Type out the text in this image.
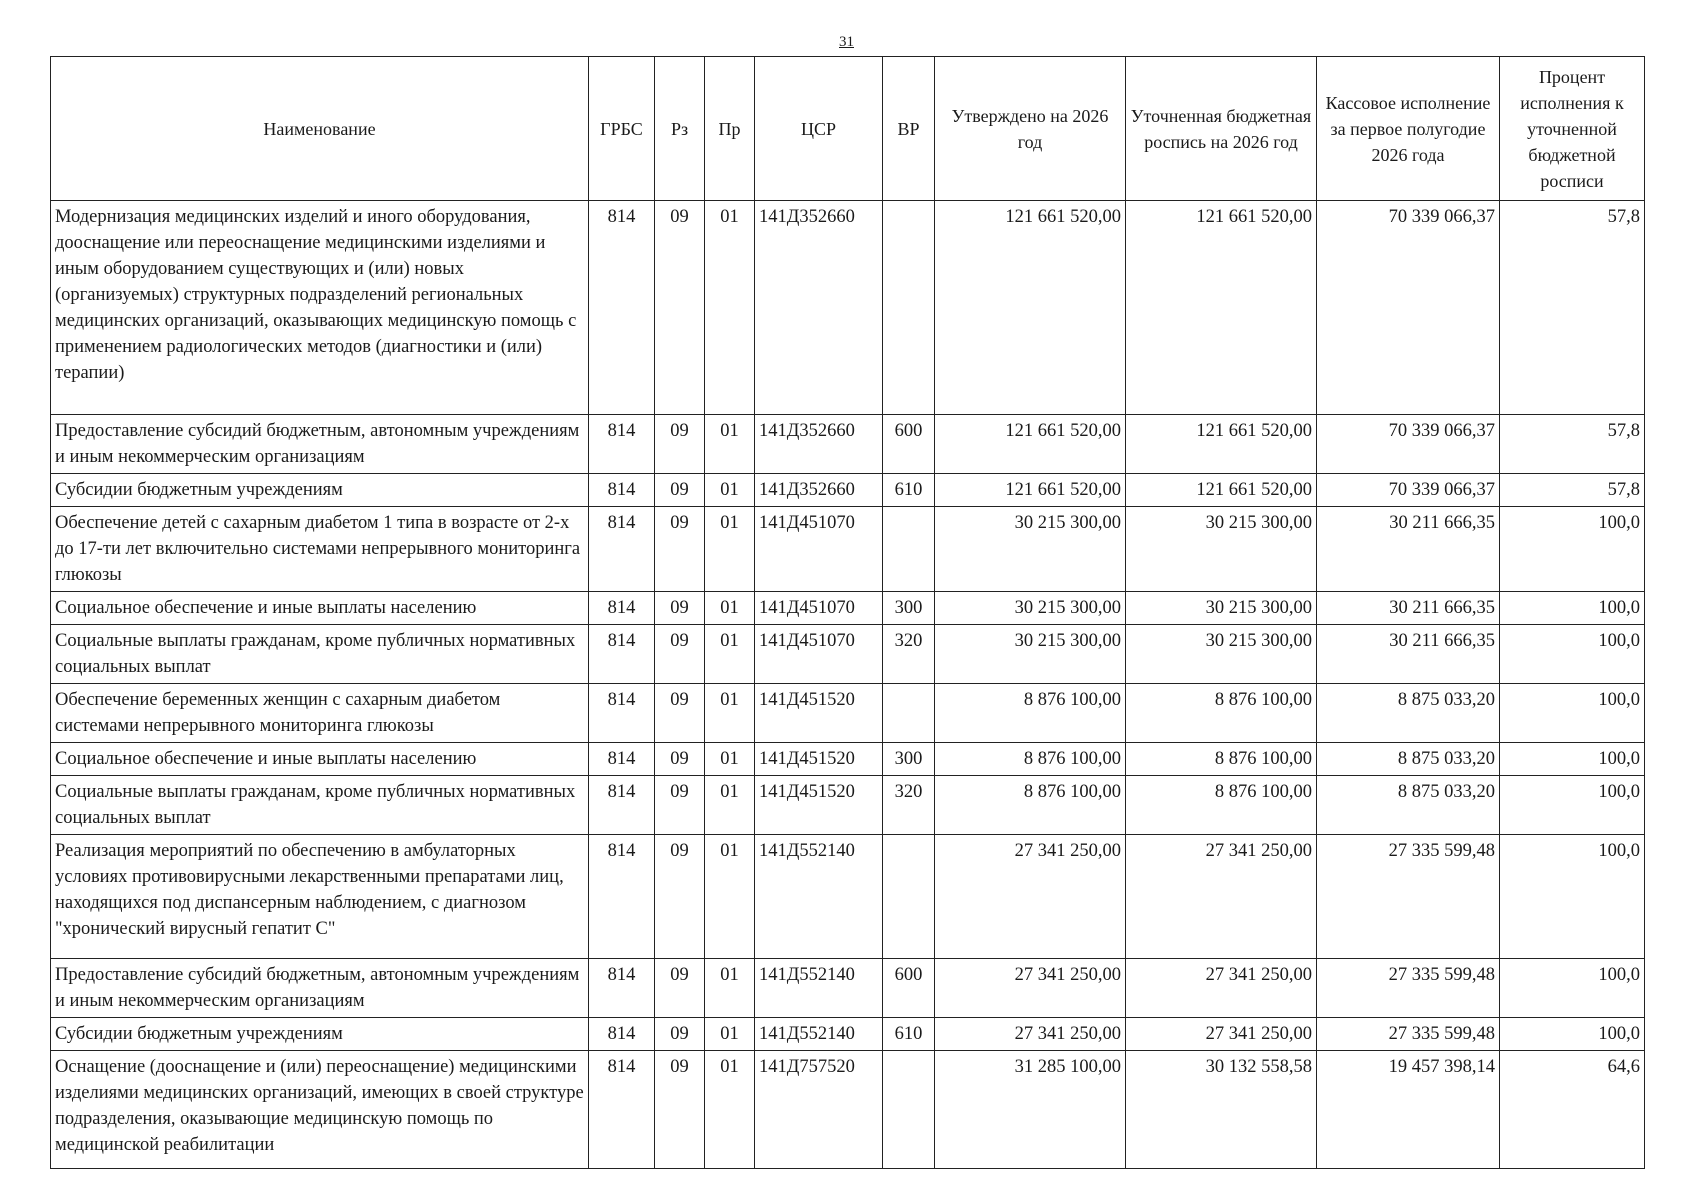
31
Наименование	ГРБС	Рз	Пр	ЦСР	ВР	Утверждено на 2026 год	Уточненная бюджетная роспись на 2026 год	Кассовое исполнение за первое полугодие 2026 года	Процент исполнения к уточненной бюджетной росписи
Модернизация медицинских изделий и иного оборудования, дооснащение или переоснащение медицинскими изделиями и иным оборудованием существующих и (или) новых (организуемых) структурных подразделений региональных медицинских организаций, оказывающих медицинскую помощь с применением радиологических методов (диагностики и (или) терапии)	814	09	01	141Д352660		121 661 520,00	121 661 520,00	70 339 066,37	57,8
Предоставление субсидий бюджетным, автономным учреждениям и иным некоммерческим организациям	814	09	01	141Д352660	600	121 661 520,00	121 661 520,00	70 339 066,37	57,8
Субсидии бюджетным учреждениям	814	09	01	141Д352660	610	121 661 520,00	121 661 520,00	70 339 066,37	57,8
Обеспечение детей с сахарным диабетом 1 типа в возрасте от 2-х до 17-ти лет включительно системами непрерывного мониторинга глюкозы	814	09	01	141Д451070		30 215 300,00	30 215 300,00	30 211 666,35	100,0
Социальное обеспечение и иные выплаты населению	814	09	01	141Д451070	300	30 215 300,00	30 215 300,00	30 211 666,35	100,0
Социальные выплаты гражданам, кроме публичных нормативных социальных выплат	814	09	01	141Д451070	320	30 215 300,00	30 215 300,00	30 211 666,35	100,0
Обеспечение беременных женщин с сахарным диабетом системами непрерывного мониторинга глюкозы	814	09	01	141Д451520		8 876 100,00	8 876 100,00	8 875 033,20	100,0
Социальное обеспечение и иные выплаты населению	814	09	01	141Д451520	300	8 876 100,00	8 876 100,00	8 875 033,20	100,0
Социальные выплаты гражданам, кроме публичных нормативных социальных выплат	814	09	01	141Д451520	320	8 876 100,00	8 876 100,00	8 875 033,20	100,0
Реализация мероприятий по обеспечению в амбулаторных условиях противовирусными лекарственными препаратами лиц, находящихся под диспансерным наблюдением, с диагнозом "хронический вирусный гепатит С"	814	09	01	141Д552140		27 341 250,00	27 341 250,00	27 335 599,48	100,0
Предоставление субсидий бюджетным, автономным учреждениям и иным некоммерческим организациям	814	09	01	141Д552140	600	27 341 250,00	27 341 250,00	27 335 599,48	100,0
Субсидии бюджетным учреждениям	814	09	01	141Д552140	610	27 341 250,00	27 341 250,00	27 335 599,48	100,0
Оснащение (дооснащение и (или) переоснащение) медицинскими изделиями медицинских организаций, имеющих в своей структуре подразделения, оказывающие медицинскую помощь по медицинской реабилитации	814	09	01	141Д757520		31 285 100,00	30 132 558,58	19 457 398,14	64,6
